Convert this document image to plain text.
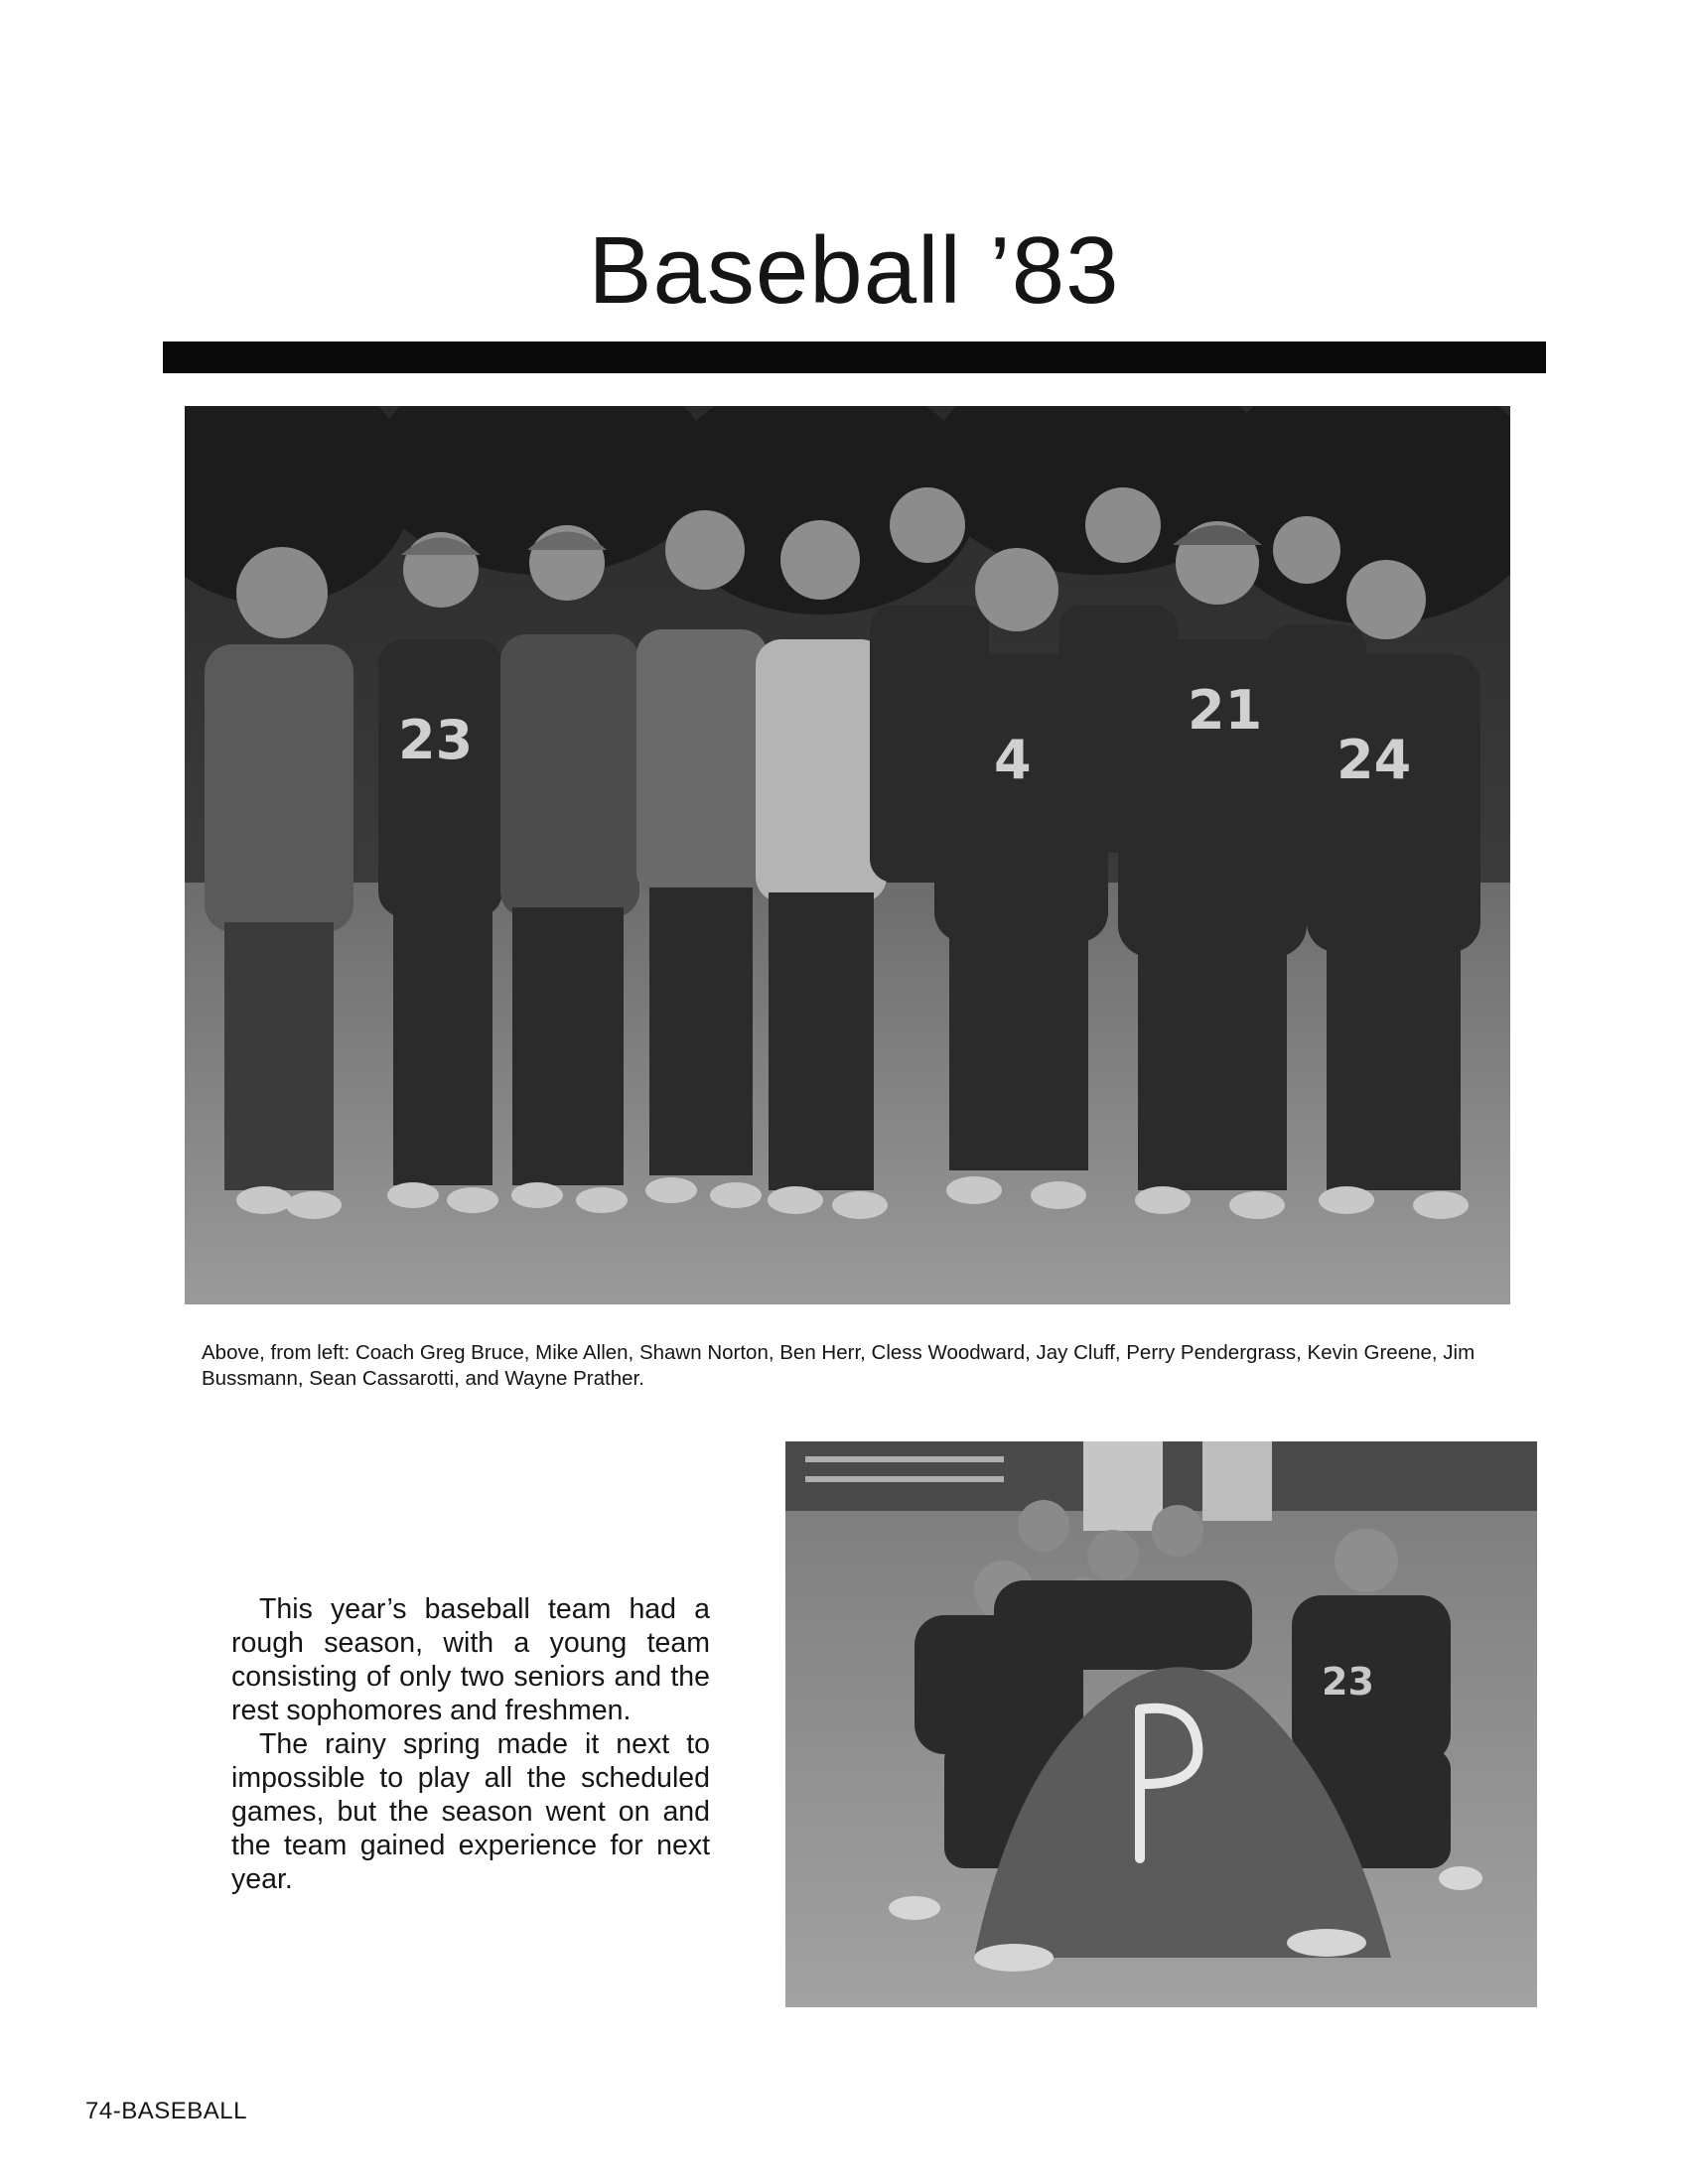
Baseball ’83
23	4
21
24
Above, from left: Coach Greg Bruce, Mike Allen, Shawn Norton, Ben Herr, Cless Woodward, Jay Cluff, Perry Pendergrass, Kevin Greene, Jim Bussmann, Sean Cassarotti, and Wayne Prather.

This year’s baseball team had a rough season, with a young team consisting of only two seniors and the rest sophomores and freshmen.

The rainy spring made it next to impossible to play all the scheduled games, but the season went on and the team gained experience for next year.

23
74-BASEBALL
